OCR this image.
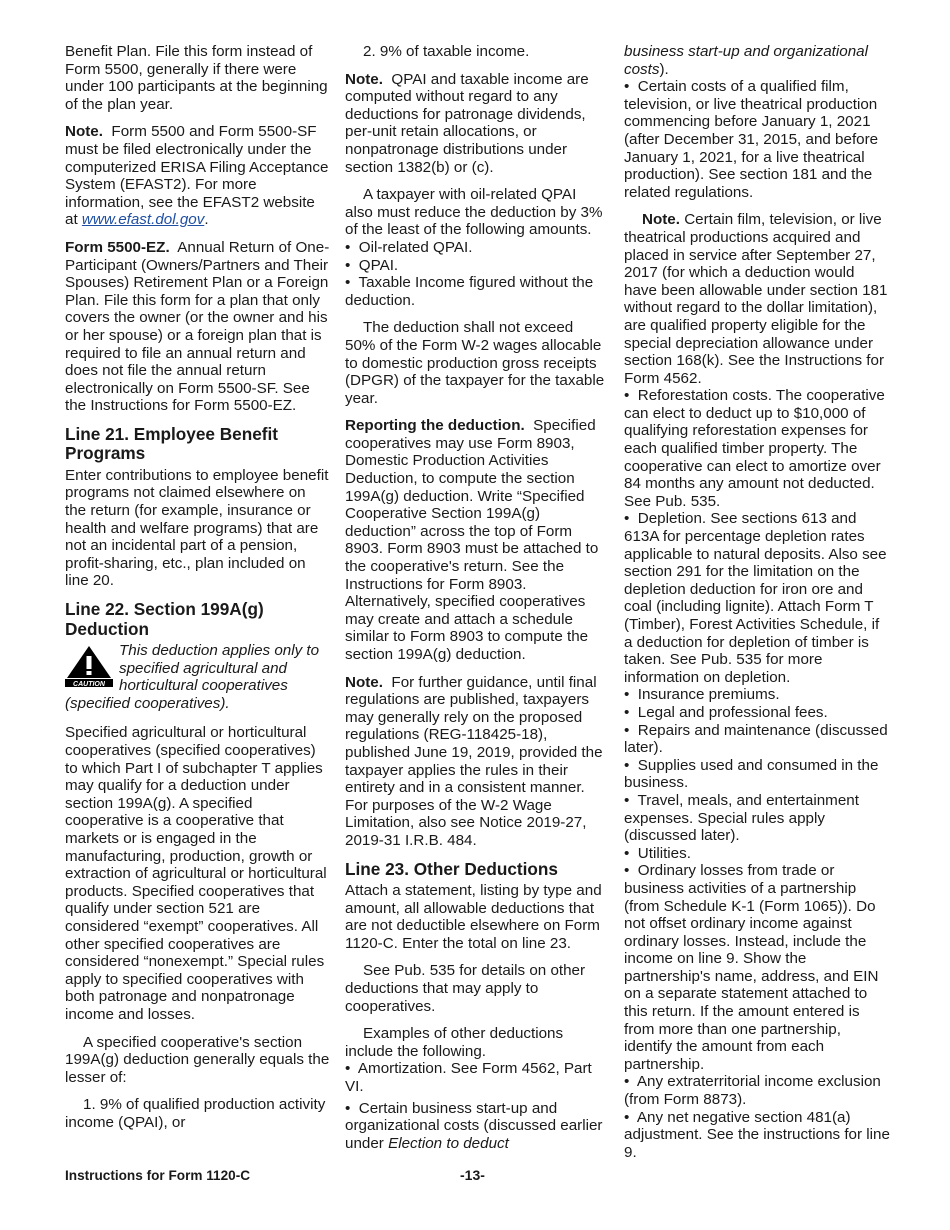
Benefit Plan. File this form instead of Form 5500, generally if there were under 100 participants at the beginning of the plan year.

Note. Form 5500 and Form 5500-SF must be filed electronically under the computerized ERISA Filing Acceptance System (EFAST2). For more information, see the EFAST2 website at www.efast.dol.gov.

Form 5500-EZ. Annual Return of One-Participant (Owners/Partners and Their Spouses) Retirement Plan or a Foreign Plan. File this form for a plan that only covers the owner (or the owner and his or her spouse) or a foreign plan that is required to file an annual return and does not file the annual return electronically on Form 5500-SF. See the Instructions for Form 5500-EZ.

Line 21. Employee Benefit Programs

Enter contributions to employee benefit programs not claimed elsewhere on the return (for example, insurance or health and welfare programs) that are not an incidental part of a pension, profit-sharing, etc., plan included on line 20.

Line 22. Section 199A(g) Deduction
CAUTION
This deduction applies only to specified agricultural and horticultural cooperatives (specified cooperatives).

Specified agricultural or horticultural cooperatives (specified cooperatives) to which Part I of subchapter T applies may qualify for a deduction under section 199A(g). A specified cooperative is a cooperative that markets or is engaged in the manufacturing, production, growth or extraction of agricultural or horticultural products. Specified cooperatives that qualify under section 521 are considered “exempt” cooperatives. All other specified cooperatives are considered “nonexempt.” Special rules apply to specified cooperatives with both patronage and nonpatronage income and losses.

A specified cooperative's section 199A(g) deduction generally equals the lesser of:

1. 9% of qualified production activity income (QPAI), or

2. 9% of taxable income.

Note. QPAI and taxable income are computed without regard to any deductions for patronage dividends, per-unit retain allocations, or nonpatronage distributions under section 1382(b) or (c).

A taxpayer with oil-related QPAI also must reduce the deduction by 3% of the least of the following amounts.

•  Oil-related QPAI.
•  QPAI.
•  Taxable Income figured without the deduction.

The deduction shall not exceed 50% of the Form W-2 wages allocable to domestic production gross receipts (DPGR) of the taxpayer for the taxable year.

Reporting the deduction. Specified cooperatives may use Form 8903, Domestic Production Activities Deduction, to compute the section 199A(g) deduction. Write “Specified Cooperative Section 199A(g) deduction” across the top of Form 8903. Form 8903 must be attached to the cooperative's return. See the Instructions for Form 8903. Alternatively, specified cooperatives may create and attach a schedule similar to Form 8903 to compute the section 199A(g) deduction.

Note. For further guidance, until final regulations are published, taxpayers may generally rely on the proposed regulations (REG-118425-18), published June 19, 2019, provided the taxpayer applies the rules in their entirety and in a consistent manner. For purposes of the W-2 Wage Limitation, also see Notice 2019-27, 2019-31 I.R.B. 484.

Line 23. Other Deductions

Attach a statement, listing by type and amount, all allowable deductions that are not deductible elsewhere on Form 1120-C. Enter the total on line 23.

See Pub. 535 for details on other deductions that may apply to cooperatives.

Examples of other deductions include the following.

•  Amortization. See Form 4562, Part VI.
•  Certain business start-up and organizational costs (discussed earlier under Election to deduct
business start-up and organizational costs).
•  Certain costs of a qualified film, television, or live theatrical production commencing before January 1, 2021 (after December 31, 2015, and before January 1, 2021, for a live theatrical production). See section 181 and the related regulations.

Note. Certain film, television, or live theatrical productions acquired and placed in service after September 27, 2017 (for which a deduction would have been allowable under section 181 without regard to the dollar limitation), are qualified property eligible for the special depreciation allowance under section 168(k). See the Instructions for Form 4562.

•  Reforestation costs. The cooperative can elect to deduct up to $10,000 of qualifying reforestation expenses for each qualified timber property. The cooperative can elect to amortize over 84 months any amount not deducted. See Pub. 535.
•  Depletion. See sections 613 and 613A for percentage depletion rates applicable to natural deposits. Also see section 291 for the limitation on the depletion deduction for iron ore and coal (including lignite). Attach Form T (Timber), Forest Activities Schedule, if a deduction for depletion of timber is taken. See Pub. 535 for more information on depletion.
•  Insurance premiums.
•  Legal and professional fees.
•  Repairs and maintenance (discussed later).
•  Supplies used and consumed in the business.
•  Travel, meals, and entertainment expenses. Special rules apply (discussed later).
•  Utilities.
•  Ordinary losses from trade or business activities of a partnership (from Schedule K-1 (Form 1065)). Do not offset ordinary income against ordinary losses. Instead, include the income on line 9. Show the partnership's name, address, and EIN on a separate statement attached to this return. If the amount entered is from more than one partnership, identify the amount from each partnership.
•  Any extraterritorial income exclusion (from Form 8873).
•  Any net negative section 481(a) adjustment. See the instructions for line 9.
Instructions for Form 1120-C	-13-
